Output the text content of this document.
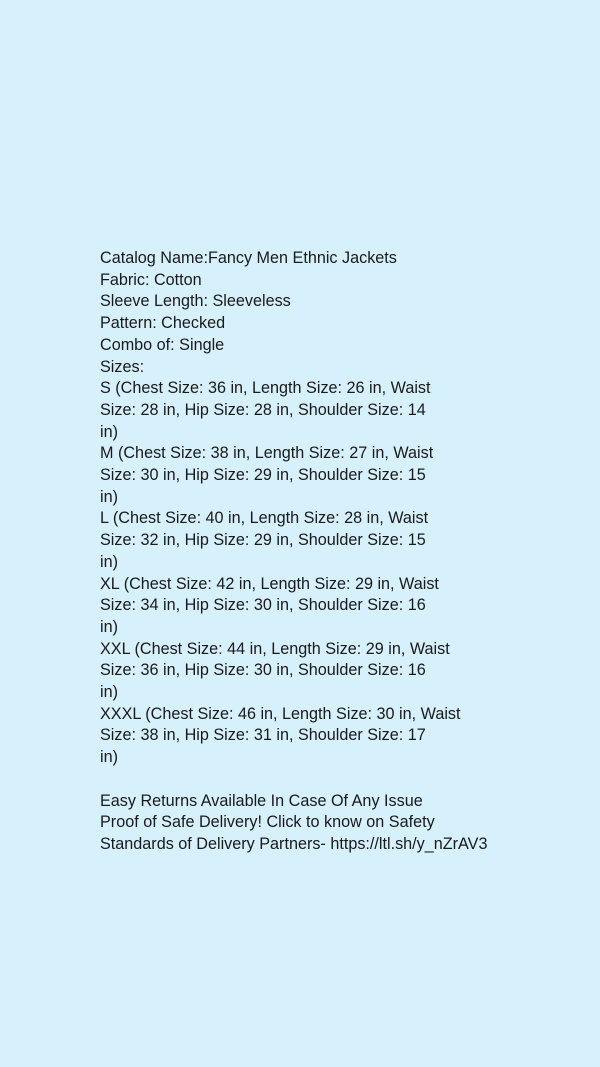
Catalog Name:Fancy Men Ethnic Jackets
Fabric: Cotton
Sleeve Length: Sleeveless
Pattern: Checked
Combo of: Single
Sizes:
S (Chest Size: 36 in, Length Size: 26 in, Waist
Size: 28 in, Hip Size: 28 in, Shoulder Size: 14
in)
M (Chest Size: 38 in, Length Size: 27 in, Waist
Size: 30 in, Hip Size: 29 in, Shoulder Size: 15
in)
L (Chest Size: 40 in, Length Size: 28 in, Waist
Size: 32 in, Hip Size: 29 in, Shoulder Size: 15
in)
XL (Chest Size: 42 in, Length Size: 29 in, Waist
Size: 34 in, Hip Size: 30 in, Shoulder Size: 16
in)
XXL (Chest Size: 44 in, Length Size: 29 in, Waist
Size: 36 in, Hip Size: 30 in, Shoulder Size: 16
in)
XXXL (Chest Size: 46 in, Length Size: 30 in, Waist
Size: 38 in, Hip Size: 31 in, Shoulder Size: 17
in)
Easy Returns Available In Case Of Any Issue
Proof of Safe Delivery! Click to know on Safety
Standards of Delivery Partners- https://ltl.sh/y_nZrAV3
